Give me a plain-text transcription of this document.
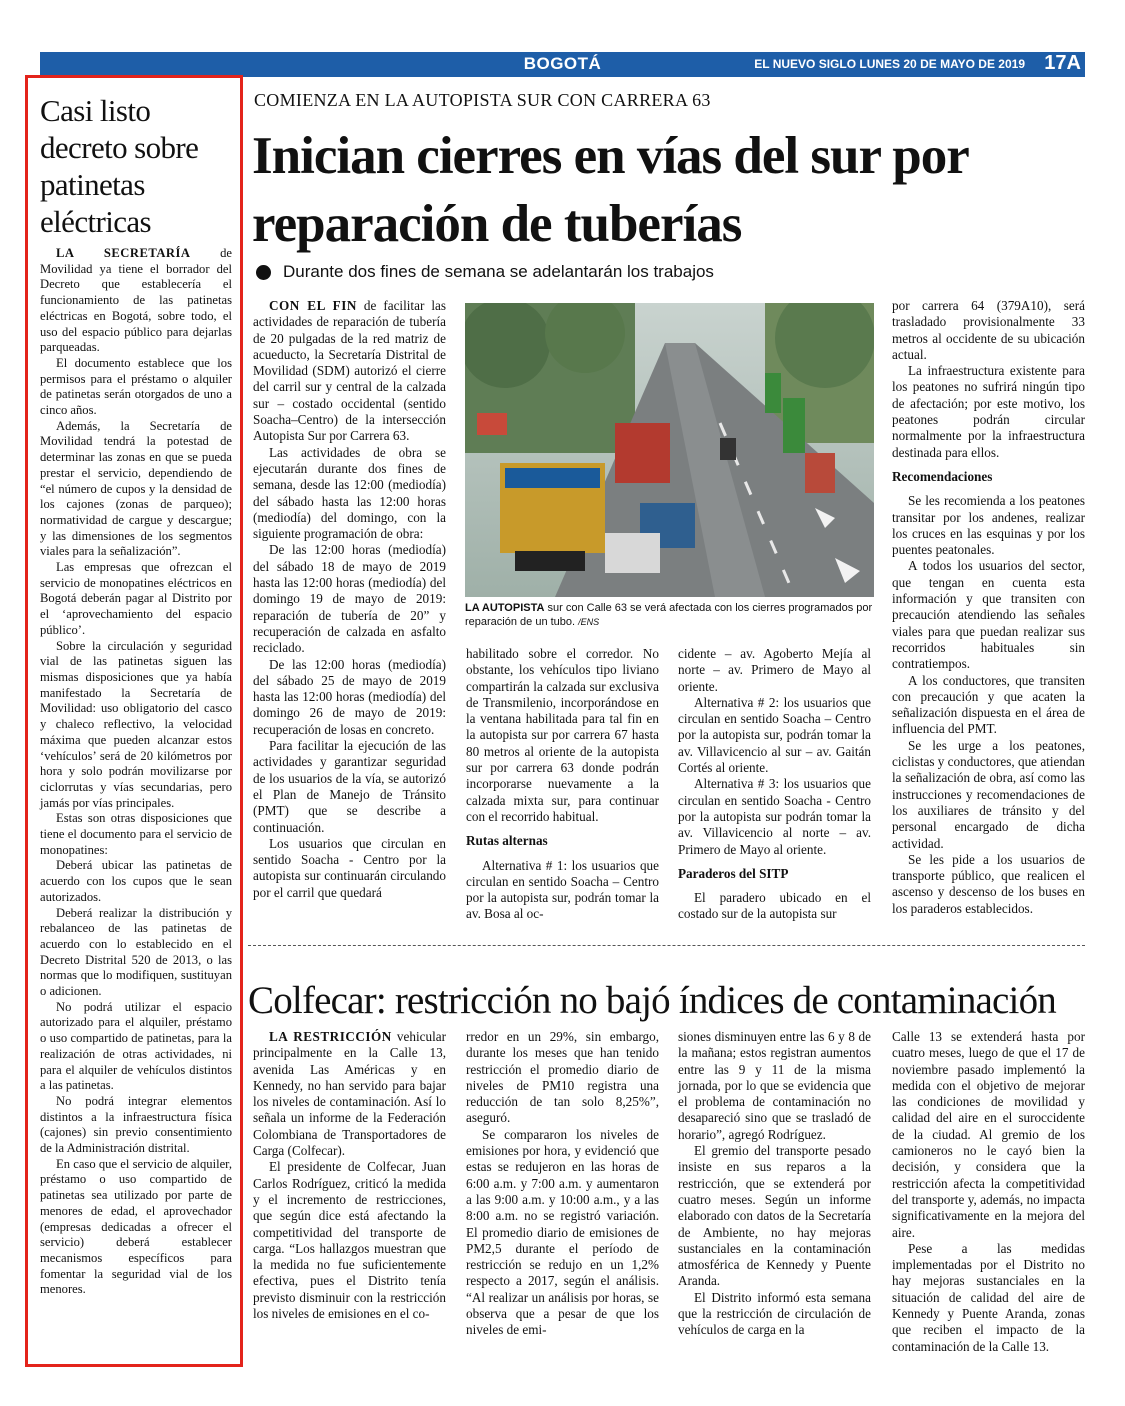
BOGOTÁ	EL NUEVO SIGLO LUNES 20 DE MAYO DE 2019 17A
Casi listo decreto sobre patinetas eléctricas

LA SECRETARÍA de Movilidad ya tiene el borrador del Decreto que establecería el funcionamiento de las patinetas eléctricas en Bogotá, sobre todo, el uso del espacio público para dejarlas parqueadas.

El documento establece que los permisos para el préstamo o alquiler de patinetas serán otorgados de uno a cinco años.

Además, la Secretaría de Movilidad tendrá la potestad de determinar las zonas en que se pueda prestar el servicio, dependiendo de “el número de cupos y la densidad de los cajones (zonas de parqueo); normatividad de cargue y descargue; y las dimensiones de los segmentos viales para la señalización”.

Las empresas que ofrezcan el servicio de monopatines eléctricos en Bogotá deberán pagar al Distrito por el ‘aprovechamiento del espacio público’.

Sobre la circulación y seguridad vial de las patinetas siguen las mismas disposiciones que ya había manifestado la Secretaría de Movilidad: uso obligatorio del casco y chaleco reflectivo, la velocidad máxima que pueden alcanzar estos ‘vehículos’ será de 20 kilómetros por hora y solo podrán movilizarse por ciclorrutas y vías secundarias, pero jamás por vías principales.

Estas son otras disposiciones que tiene el documento para el servicio de monopatines:

Deberá ubicar las patinetas de acuerdo con los cupos que le sean autorizados.

Deberá realizar la distribución y rebalanceo de las patinetas de acuerdo con lo establecido en el Decreto Distrital 520 de 2013, o las normas que lo modifiquen, sustituyan o adicionen.

No podrá utilizar el espacio autorizado para el alquiler, préstamo o uso compartido de patinetas, para la realización de otras actividades, ni para el alquiler de vehículos distintos a las patinetas.

No podrá integrar elementos distintos a la infraestructura física (cajones) sin previo consentimiento de la Administración distrital.

En caso que el servicio de alquiler, préstamo o uso compartido de patinetas sea utilizado por parte de menores de edad, el aprovechador (empresas dedicadas a ofrecer el servicio) deberá establecer mecanismos específicos para fomentar la seguridad vial de los menores.

COMIENZA EN LA AUTOPISTA SUR CON CARRERA 63
Inician cierres en vías del sur por reparación de tuberías
Durante dos fines de semana se adelantarán los trabajos

CON EL FIN de facilitar las actividades de reparación de tubería de 20 pulgadas de la red matriz de acueducto, la Secretaría Distrital de Movilidad (SDM) autorizó el cierre del carril sur y central de la calzada sur – costado occidental (sentido Soacha–Centro) de la intersección Autopista Sur por Carrera 63.

Las actividades de obra se ejecutarán durante dos fines de semana, desde las 12:00 (mediodía) del sábado hasta las 12:00 horas (mediodía) del domingo, con la siguiente programación de obra:

De las 12:00 horas (mediodía) del sábado 18 de mayo de 2019 hasta las 12:00 horas (mediodía) del domingo 19 de mayo de 2019: reparación de tubería de 20” y recuperación de calzada en asfalto reciclado.

De las 12:00 horas (mediodía) del sábado 25 de mayo de 2019 hasta las 12:00 horas (mediodía) del domingo 26 de mayo de 2019: recuperación de losas en concreto.

Para facilitar la ejecución de las actividades y garantizar seguridad de los usuarios de la vía, se autorizó el Plan de Manejo de Tránsito (PMT) que se describe a continuación.

Los usuarios que circulan en sentido Soacha - Centro por la autopista sur continuarán circulando por el carril que quedará

LA AUTOPISTA sur con Calle 63 se verá afectada con los cierres programados por reparación de un tubo. /ENS

habilitado sobre el corredor. No obstante, los vehículos tipo liviano compartirán la calzada sur exclusiva de Transmilenio, incorporándose en la ventana habilitada para tal fin en la autopista sur por carrera 67 hasta 80 metros al oriente de la autopista sur por carrera 63 donde podrán incorporarse nuevamente a la calzada mixta sur, para continuar con el recorrido habitual.

Rutas alternas

Alternativa # 1: los usuarios que circulan en sentido Soacha – Centro por la autopista sur, podrán tomar la av. Bosa al oc-

cidente – av. Agoberto Mejía al norte – av. Primero de Mayo al oriente.

Alternativa # 2: los usuarios que circulan en sentido Soacha – Centro por la autopista sur, podrán tomar la av. Villavicencio al sur – av. Gaitán Cortés al oriente.

Alternativa # 3: los usuarios que circulan en sentido Soacha - Centro por la autopista sur podrán tomar la av. Villavicencio al norte – av. Primero de Mayo al oriente.

Paraderos del SITP

El paradero ubicado en el costado sur de la autopista sur

por carrera 64 (379A10), será trasladado provisionalmente 33 metros al occidente de su ubicación actual.

La infraestructura existente para los peatones no sufrirá ningún tipo de afectación; por este motivo, los peatones podrán circular normalmente por la infraestructura destinada para ellos.

Recomendaciones

Se les recomienda a los peatones transitar por los andenes, realizar los cruces en las esquinas y por los puentes peatonales.

A todos los usuarios del sector, que tengan en cuenta esta información y que transiten con precaución atendiendo las señales viales para que puedan realizar sus recorridos habituales sin contratiempos.

A los conductores, que transiten con precaución y que acaten la señalización dispuesta en el área de influencia del PMT.

Se les urge a los peatones, ciclistas y conductores, que atiendan la señalización de obra, así como las instrucciones y recomendaciones de los auxiliares de tránsito y del personal encargado de dicha actividad.

Se les pide a los usuarios de transporte público, que realicen el ascenso y descenso de los buses en los paraderos establecidos.

Colfecar: restricción no bajó índices de contaminación

LA RESTRICCIÓN vehicular principalmente en la Calle 13, avenida Las Américas y en Kennedy, no han servido para bajar los niveles de contaminación. Así lo señala un informe de la Federación Colombiana de Transportadores de Carga (Colfecar).

El presidente de Colfecar, Juan Carlos Rodríguez, criticó la medida y el incremento de restricciones, que según dice está afectando la competitividad del transporte de carga. “Los hallazgos muestran que la medida no fue suficientemente efectiva, pues el Distrito tenía previsto disminuir con la restricción los niveles de emisiones en el co-

rredor en un 29%, sin embargo, durante los meses que han tenido restricción el promedio diario de niveles de PM10 registra una reducción de tan solo 8,25%”, aseguró.

Se compararon los niveles de emisiones por hora, y evidenció que estas se redujeron en las horas de 6:00 a.m. y 7:00 a.m. y aumentaron a las 9:00 a.m. y 10:00 a.m., y a las 8:00 a.m. no se registró variación. El promedio diario de emisiones de PM2,5 durante el período de restricción se redujo en un 1,2% respecto a 2017, según el análisis. “Al realizar un análisis por horas, se observa que a pesar de que los niveles de emi-

siones disminuyen entre las 6 y 8 de la mañana; estos registran aumentos entre las 9 y 11 de la misma jornada, por lo que se evidencia que el problema de contaminación no desapareció sino que se trasladó de horario”, agregó Rodríguez.

El gremio del transporte pesado insiste en sus reparos a la restricción, que se extenderá por cuatro meses. Según un informe elaborado con datos de la Secretaría de Ambiente, no hay mejoras sustanciales en la contaminación atmosférica de Kennedy y Puente Aranda.

El Distrito informó esta semana que la restricción de circulación de vehículos de carga en la

Calle 13 se extenderá hasta por cuatro meses, luego de que el 17 de noviembre pasado implementó la medida con el objetivo de mejorar las condiciones de movilidad y calidad del aire en el suroccidente de la ciudad. Al gremio de los camioneros no le cayó bien la decisión, y considera que la restricción afecta la competitividad del transporte y, además, no impacta significativamente en la mejora del aire.

Pese a las medidas implementadas por el Distrito no hay mejoras sustanciales en la situación de calidad del aire de Kennedy y Puente Aranda, zonas que reciben el impacto de la contaminación de la Calle 13.
